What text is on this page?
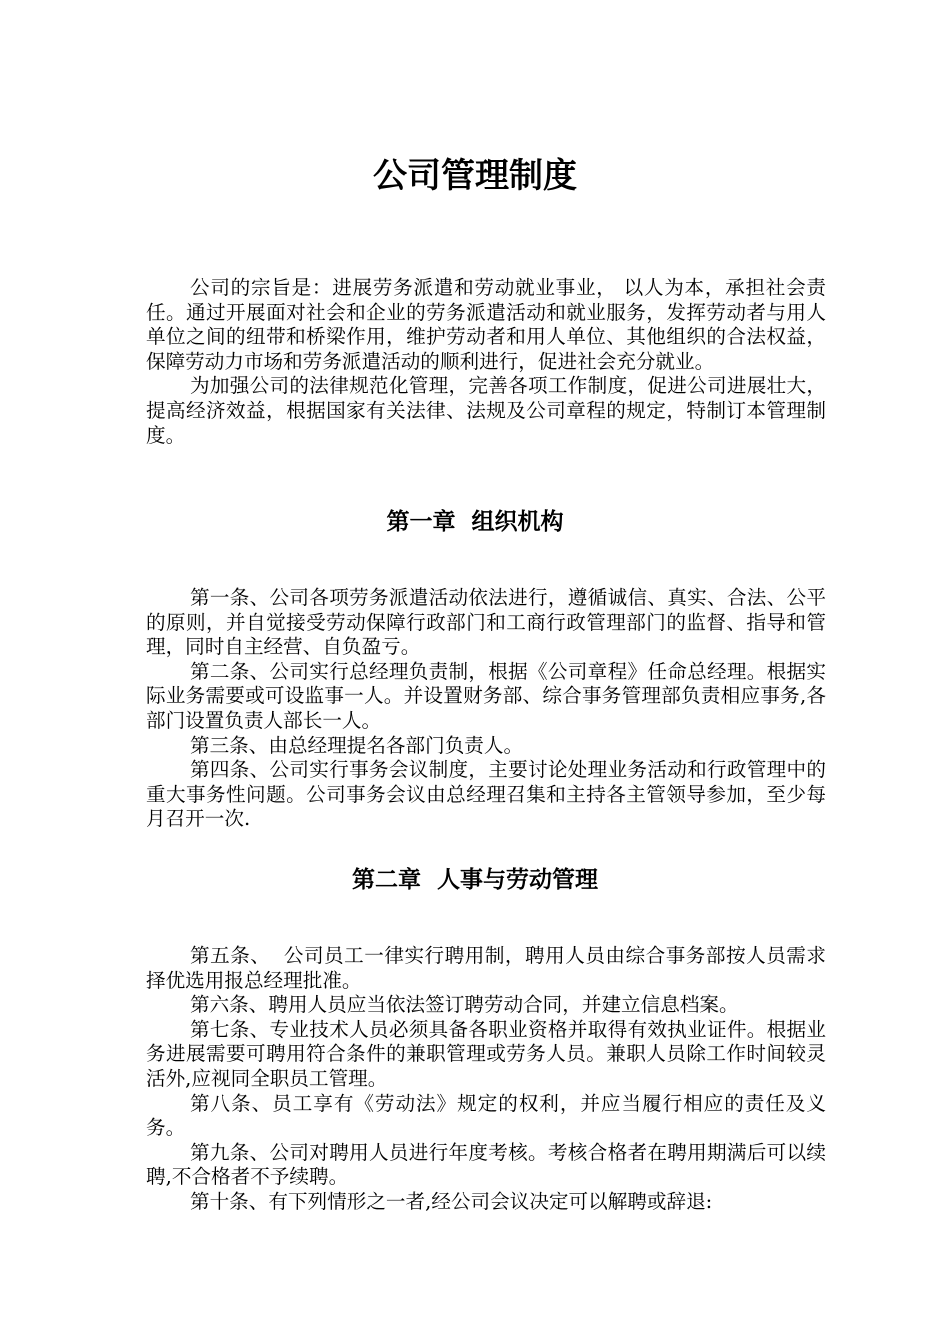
公司管理制度

公司的宗旨是：进展劳务派遣和劳动就业事业， 以人为本，承担社会责任。通过开展面对社会和企业的劳务派遣活动和就业服务，发挥劳动者与用人单位之间的纽带和桥梁作用，维护劳动者和用人单位、其他组织的合法权益，保障劳动力市场和劳务派遣活动的顺利进行，促进社会充分就业。

为加强公司的法律规范化管理，完善各项工作制度，促进公司进展壮大，提高经济效益，根据国家有关法律、法规及公司章程的规定，特制订本管理制度。

第一章  组织机构

第一条、公司各项劳务派遣活动依法进行，遵循诚信、真实、合法、公平的原则，并自觉接受劳动保障行政部门和工商行政管理部门的监督、指导和管理，同时自主经营、自负盈亏。

第二条、公司实行总经理负责制，根据《公司章程》任命总经理。根据实际业务需要或可设监事一人。并设置财务部、综合事务管理部负责相应事务,各部门设置负责人部长一人。

第三条、由总经理提名各部门负责人。

第四条、公司实行事务会议制度，主要讨论处理业务活动和行政管理中的重大事务性问题。公司事务会议由总经理召集和主持各主管领导参加，至少每月召开一次.

第二章  人事与劳动管理

第五条、  公司员工一律实行聘用制，聘用人员由综合事务部按人员需求择优选用报总经理批准。

第六条、聘用人员应当依法签订聘劳动合同，并建立信息档案。

第七条、专业技术人员必须具备各职业资格并取得有效执业证件。根据业务进展需要可聘用符合条件的兼职管理或劳务人员。兼职人员除工作时间较灵活外,应视同全职员工管理。

第八条、员工享有《劳动法》规定的权利，并应当履行相应的责任及义务。

第九条、公司对聘用人员进行年度考核。考核合格者在聘用期满后可以续聘,不合格者不予续聘。

第十条、有下列情形之一者,经公司会议决定可以解聘或辞退:
